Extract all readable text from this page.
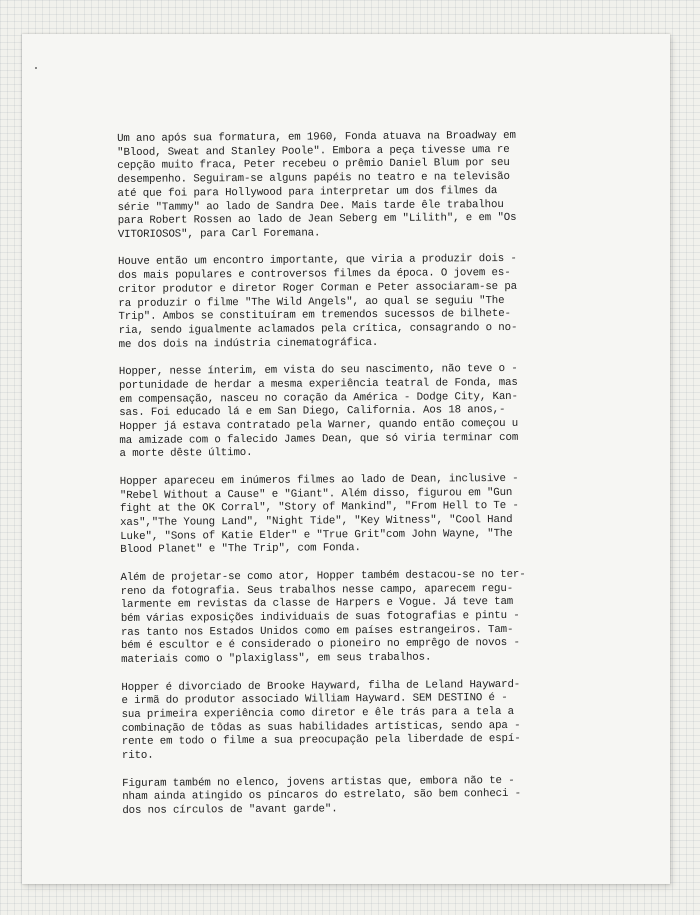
Um ano após sua formatura, em 1960, Fonda atuava na Broadway em
"Blood, Sweat and Stanley Poole". Embora a peça tivesse uma re
cepção muito fraca, Peter recebeu o prêmio Daniel Blum por seu
desempenho. Seguiram-se alguns papéis no teatro e na televisão
até que foi para Hollywood para interpretar um dos filmes da
série "Tammy" ao lado de Sandra Dee. Mais tarde êle trabalhou
para Robert Rossen ao lado de Jean Seberg em "Lilith", e em "Os
VITORIOSOS", para Carl Foremana.

Houve então um encontro importante, que viria a produzir dois -
dos mais populares e controversos filmes da época. O jovem es-
critor produtor e diretor Roger Corman e Peter associaram-se pa
ra produzir o filme "The Wild Angels", ao qual se seguiu "The
Trip". Ambos se constituíram em tremendos sucessos de bilhete-
ria, sendo igualmente aclamados pela crítica, consagrando o no-
me dos dois na indústria cinematográfica.

Hopper, nesse ínterim, em vista do seu nascimento, não teve o -
portunidade de herdar a mesma experiência teatral de Fonda, mas
em compensação, nasceu no coração da América - Dodge City, Kan-
sas. Foi educado lá e em San Diego, California. Aos 18 anos,-
Hopper já estava contratado pela Warner, quando então começou u
ma amizade com o falecido James Dean, que só viria terminar com
a morte dêste último.

Hopper apareceu em inúmeros filmes ao lado de Dean, inclusive -
"Rebel Without a Cause" e "Giant". Além disso, figurou em "Gun
fight at the OK Corral", "Story of Mankind", "From Hell to Te -
xas","The Young Land", "Night Tide", "Key Witness", "Cool Hand
Luke", "Sons of Katie Elder" e "True Grit"com John Wayne, "The
Blood Planet" e "The Trip", com Fonda.

Além de projetar-se como ator, Hopper também destacou-se no ter-
reno da fotografia. Seus trabalhos nesse campo, aparecem regu-
larmente em revistas da classe de Harpers e Vogue. Já teve tam
bém várias exposições individuais de suas fotografias e pintu -
ras tanto nos Estados Unidos como em países estrangeiros. Tam-
bém é escultor e é considerado o pioneiro no emprêgo de novos -
materiais como o "plaxiglass", em seus trabalhos.

Hopper é divorciado de Brooke Hayward, filha de Leland Hayward-
e irmã do produtor associado William Hayward. SEM DESTINO é -
sua primeira experiência como diretor e êle trás para a tela a
combinação de tôdas as suas habilidades artísticas, sendo apa -
rente em todo o filme a sua preocupação pela liberdade de espí-
rito.

Figuram também no elenco, jovens artistas que, embora não te -
nham ainda atingido os píncaros do estrelato, são bem conheci -
dos nos círculos de "avant garde".
